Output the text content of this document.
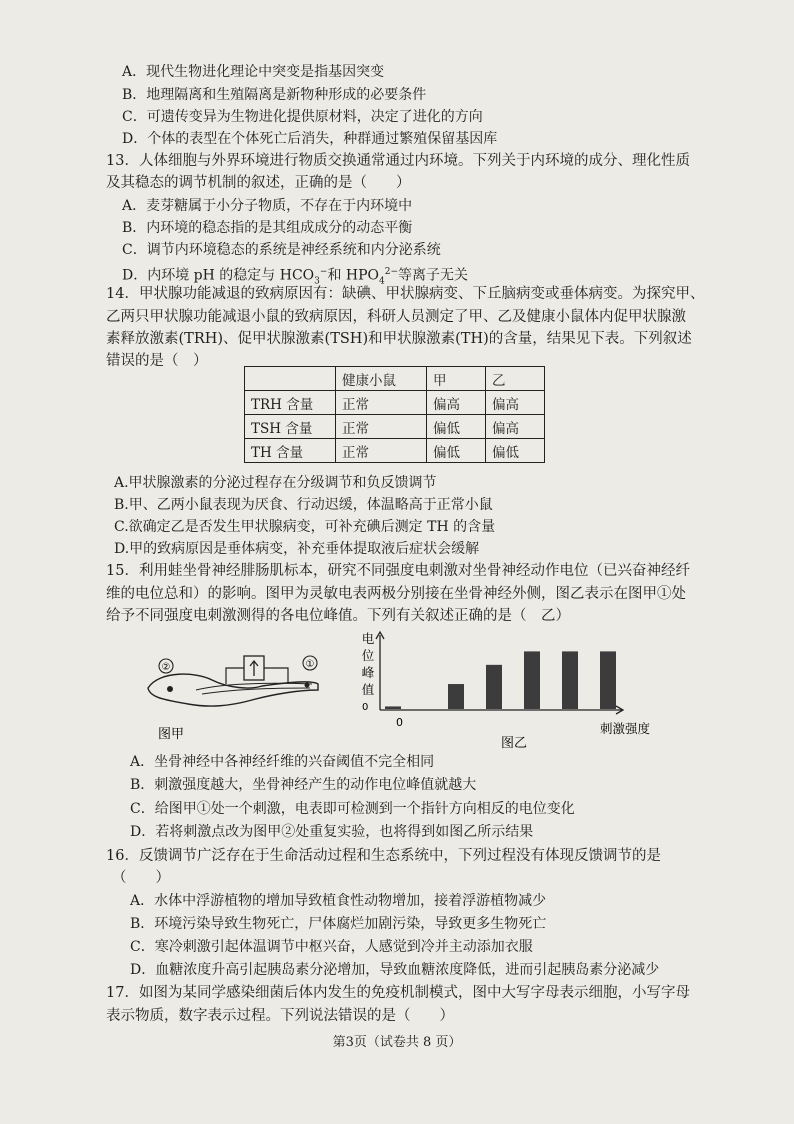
A．现代生物进化理论中突变是指基因突变
B．地理隔离和生殖隔离是新物种形成的必要条件
C．可遗传变异为生物进化提供原材料，决定了进化的方向
D．个体的表型在个体死亡后消失，种群通过繁殖保留基因库
13．人体细胞与外界环境进行物质交换通常通过内环境。下列关于内环境的成分、理化性质
及其稳态的调节机制的叙述，正确的是（　　）
A．麦芽糖属于小分子物质，不存在于内环境中
B．内环境的稳态指的是其组成成分的动态平衡
C．调节内环境稳态的系统是神经系统和内分泌系统
14．甲状腺功能减退的致病原因有：缺碘、甲状腺病变、下丘脑病变或垂体病变。为探究甲、
乙两只甲状腺功能减退小鼠的致病原因，科研人员测定了甲、乙及健康小鼠体内促甲状腺激
素释放激素(TRH)、促甲状腺激素(TSH)和甲状腺激素(TH)的含量，结果见下表。下列叙述
错误的是（　）
A.甲状腺激素的分泌过程存在分级调节和负反馈调节
B.甲、乙两小鼠表现为厌食、行动迟缓，体温略高于正常小鼠
C.欲确定乙是否发生甲状腺病变，可补充碘后测定 TH 的含量
D.甲的致病原因是垂体病变，补充垂体提取液后症状会缓解
15．利用蛙坐骨神经腓肠肌标本，研究不同强度电刺激对坐骨神经动作电位（已兴奋神经纤
维的电位总和）的影响。图甲为灵敏电表两极分别接在坐骨神经外侧，图乙表示在图甲①处
给予不同强度电刺激测得的各电位峰值。下列有关叙述正确的是（　乙）
A．坐骨神经中各神经纤维的兴奋阈值不完全相同
B．刺激强度越大，坐骨神经产生的动作电位峰值就越大
C．给图甲①处一个刺激，电表即可检测到一个指针方向相反的电位变化
D．若将刺激点改为图甲②处重复实验，也将得到如图乙所示结果
16．反馈调节广泛存在于生命活动过程和生态系统中，下列过程没有体现反馈调节的是
（　　）
A．水体中浮游植物的增加导致植食性动物增加，接着浮游植物减少
B．环境污染导致生物死亡，尸体腐烂加剧污染，导致更多生物死亡
C．寒冷刺激引起体温调节中枢兴奋，人感觉到冷并主动添加衣服
D．血糖浓度升高引起胰岛素分泌增加，导致血糖浓度降低，进而引起胰岛素分泌减少
17．如图为某同学感染细菌后体内发生的免疫机制模式，图中大写字母表示细胞，小写字母
表示物质，数字表示过程。下列说法错误的是（　　）
D．内环境 pH 的稳定与 $HCO_3^-$和 $HPO_4^{2-}$等离子无关
	健康小鼠	甲	乙
TRH 含量	正常	偏高	偏高
TSH 含量	正常	偏低	偏高
TH 含量	正常	偏低	偏低
②	①
图甲
0
0
电位峰值
刺激强度
图乙
第3页（试卷共 8 页）
